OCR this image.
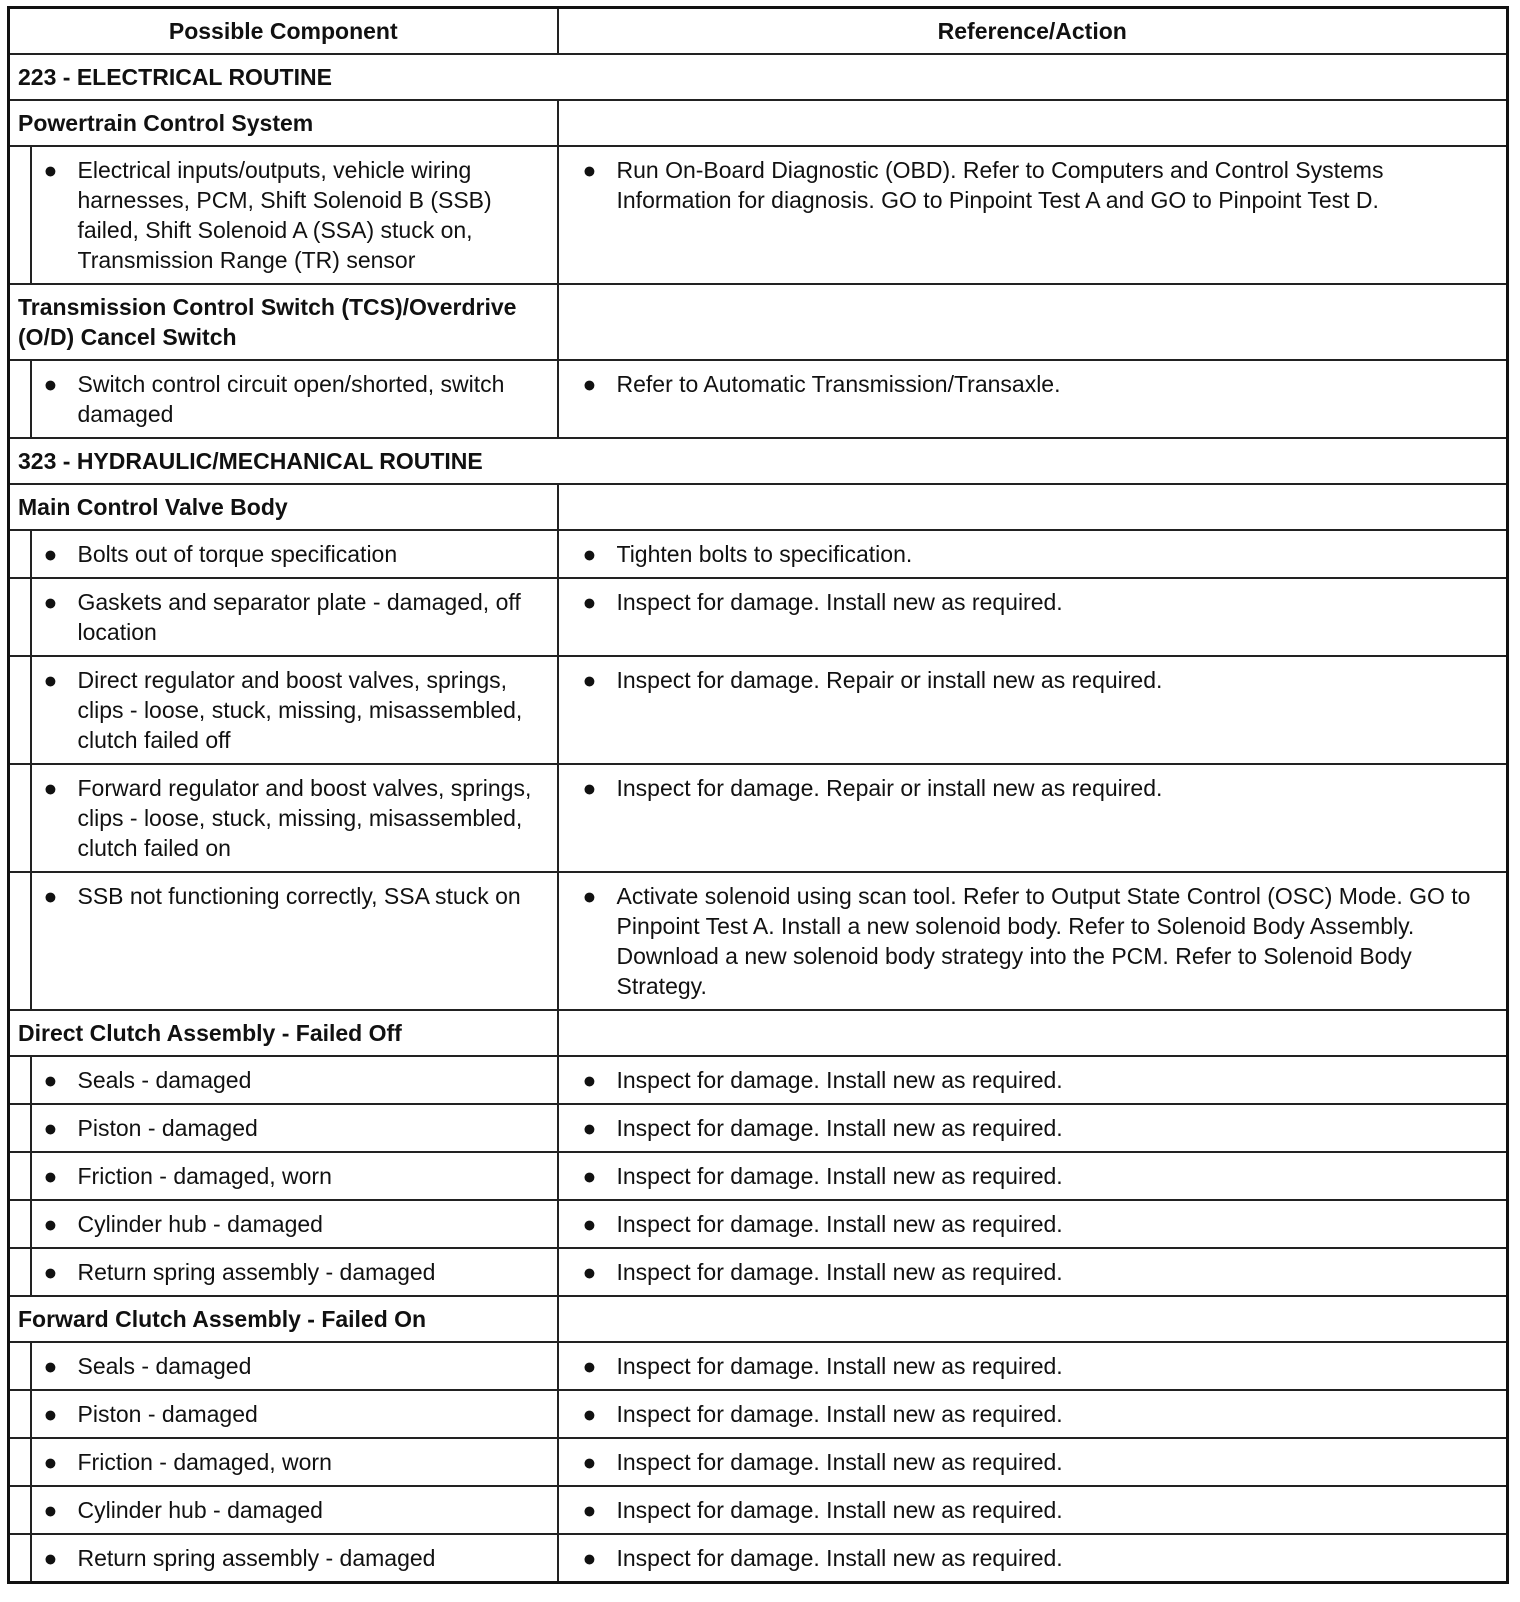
Possible Component		Reference/Action
223 - ELECTRICAL ROUTINE		
Powertrain Control System		

	● Electrical inputs/outputs, vehicle wiring harnesses, PCM, Shift Solenoid B (SSB) failed, Shift Solenoid A (SSA) stuck on, Transmission Range (TR) sensor	● Run On-Board Diagnostic (OBD). Refer to Computers and Control Systems Information for diagnosis. GO to Pinpoint Test A and GO to Pinpoint Test D.

Transmission Control Switch (TCS)/Overdrive (O/D) Cancel Switch		

	● Switch control circuit open/shorted, switch damaged	● Refer to Automatic Transmission/Transaxle.

323 - HYDRAULIC/MECHANICAL ROUTINE		
Main Control Valve Body		

	● Bolts out of torque specification	● Tighten bolts to specification.

	● Gaskets and separator plate - damaged, off location	● Inspect for damage. Install new as required.

	● Direct regulator and boost valves, springs, clips - loose, stuck, missing, misassembled, clutch failed off	● Inspect for damage. Repair or install new as required.

	● Forward regulator and boost valves, springs, clips - loose, stuck, missing, misassembled, clutch failed on	● Inspect for damage. Repair or install new as required.

	● SSB not functioning correctly, SSA stuck on	● Activate solenoid using scan tool. Refer to Output State Control (OSC) Mode. GO to Pinpoint Test A. Install a new solenoid body. Refer to Solenoid Body Assembly. Download a new solenoid body strategy into the PCM. Refer to Solenoid Body Strategy.

Direct Clutch Assembly - Failed Off		

	● Seals - damaged	● Inspect for damage. Install new as required.

	● Piston - damaged	● Inspect for damage. Install new as required.

	● Friction - damaged, worn	● Inspect for damage. Install new as required.

	● Cylinder hub - damaged	● Inspect for damage. Install new as required.

	● Return spring assembly - damaged	● Inspect for damage. Install new as required.

Forward Clutch Assembly - Failed On		

	● Seals - damaged	● Inspect for damage. Install new as required.

	● Piston - damaged	● Inspect for damage. Install new as required.

	● Friction - damaged, worn	● Inspect for damage. Install new as required.

	● Cylinder hub - damaged	● Inspect for damage. Install new as required.

	● Return spring assembly - damaged	● Inspect for damage. Install new as required.
